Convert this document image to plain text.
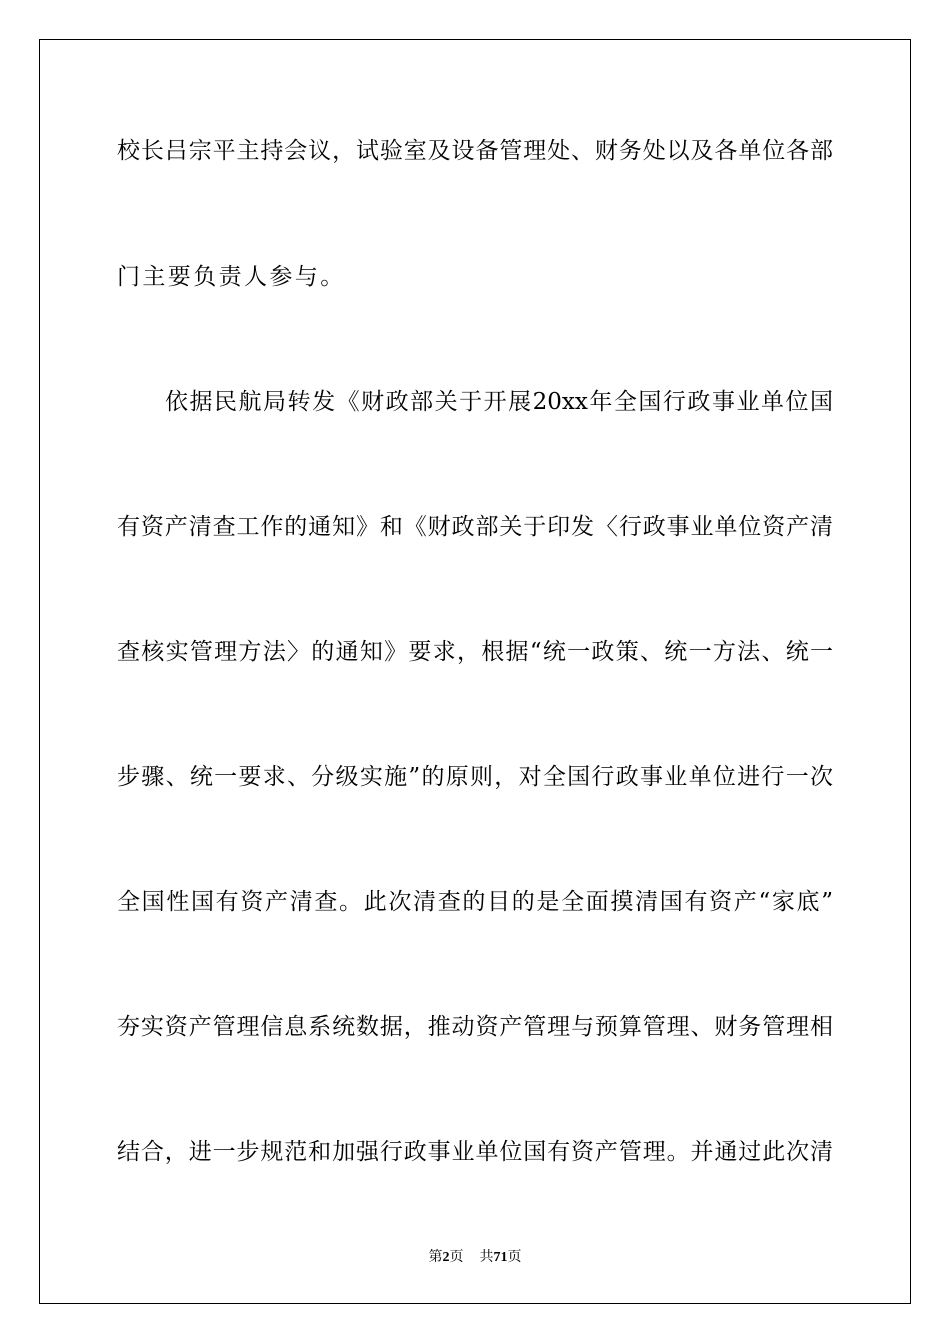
校长吕宗平主持会议，试验室及设备管理处、财务处以及各单位各部
门主要负责人参与。
依据民航局转发《财政部关于开展20xx年全国行政事业单位国
有资产清查工作的通知》和《财政部关于印发〈行政事业单位资产清
查核实管理方法〉的通知》要求，根据“统一政策、统一方法、统一
步骤、统一要求、分级实施”的原则，对全国行政事业单位进行一次
全国性国有资产清查。此次清查的目的是全面摸清国有资产“家底”
夯实资产管理信息系统数据，推动资产管理与预算管理、财务管理相
结合，进一步规范和加强行政事业单位国有资产管理。并通过此次清
第2页 共71页
